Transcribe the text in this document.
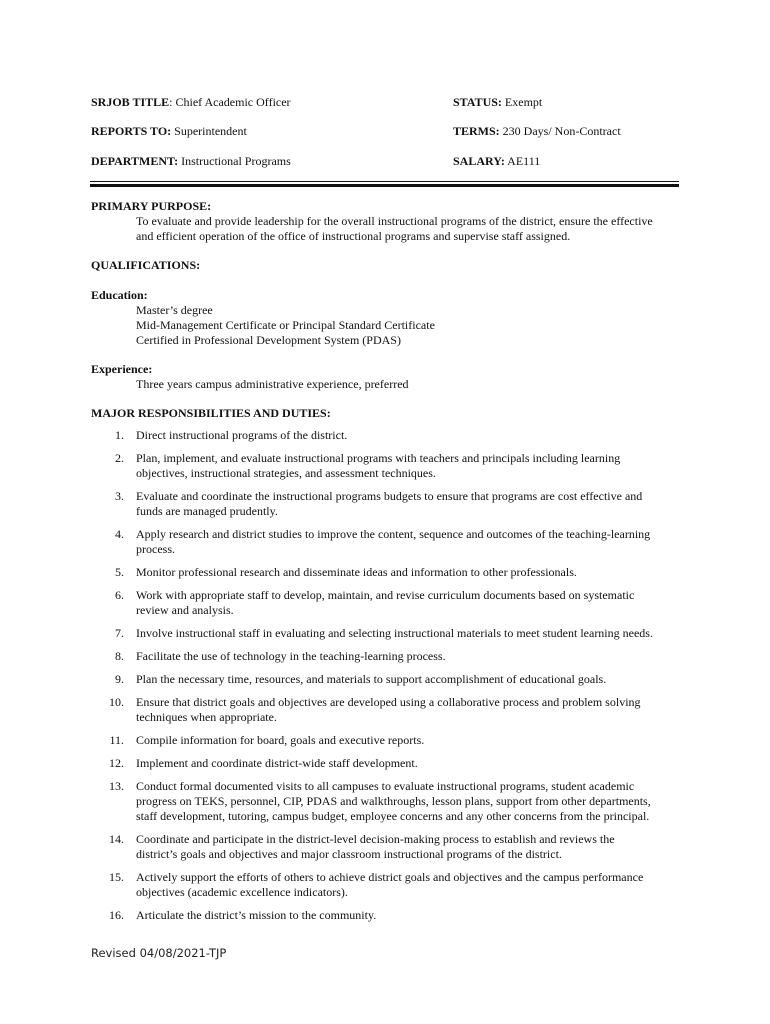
SRJOB TITLE: Chief Academic Officer	STATUS: Exempt
REPORTS TO: Superintendent	TERMS: 230 Days/ Non-Contract
DEPARTMENT: Instructional Programs	SALARY: AE111
PRIMARY PURPOSE:
To evaluate and provide leadership for the overall instructional programs of the district, ensure the effective
and efficient operation of the office of instructional programs and supervise staff assigned.
QUALIFICATIONS:
Education:
Master’s degree
Mid-Management Certificate or Principal Standard Certificate
Certified in Professional Development System (PDAS)
Experience:
Three years campus administrative experience, preferred
MAJOR RESPONSIBILITIES AND DUTIES:
1. Direct instructional programs of the district.
2. Plan, implement, and evaluate instructional programs with teachers and principals including learning
objectives, instructional strategies, and assessment techniques.
3. Evaluate and coordinate the instructional programs budgets to ensure that programs are cost effective and
funds are managed prudently.
4. Apply research and district studies to improve the content, sequence and outcomes of the teaching-learning
process.
5. Monitor professional research and disseminate ideas and information to other professionals.
6. Work with appropriate staff to develop, maintain, and revise curriculum documents based on systematic
review and analysis.
7. Involve instructional staff in evaluating and selecting instructional materials to meet student learning needs.
8. Facilitate the use of technology in the teaching-learning process.
9. Plan the necessary time, resources, and materials to support accomplishment of educational goals.
10. Ensure that district goals and objectives are developed using a collaborative process and problem solving
techniques when appropriate.
11. Compile information for board, goals and executive reports.
12. Implement and coordinate district-wide staff development.
13. Conduct formal documented visits to all campuses to evaluate instructional programs, student academic
progress on TEKS, personnel, CIP, PDAS and walkthroughs, lesson plans, support from other departments,
staff development, tutoring, campus budget, employee concerns and any other concerns from the principal.
14. Coordinate and participate in the district-level decision-making process to establish and reviews the
district’s goals and objectives and major classroom instructional programs of the district.
15. Actively support the efforts of others to achieve district goals and objectives and the campus performance
objectives (academic excellence indicators).
16. Articulate the district’s mission to the community.
Revised 04/08/2021-TJP
